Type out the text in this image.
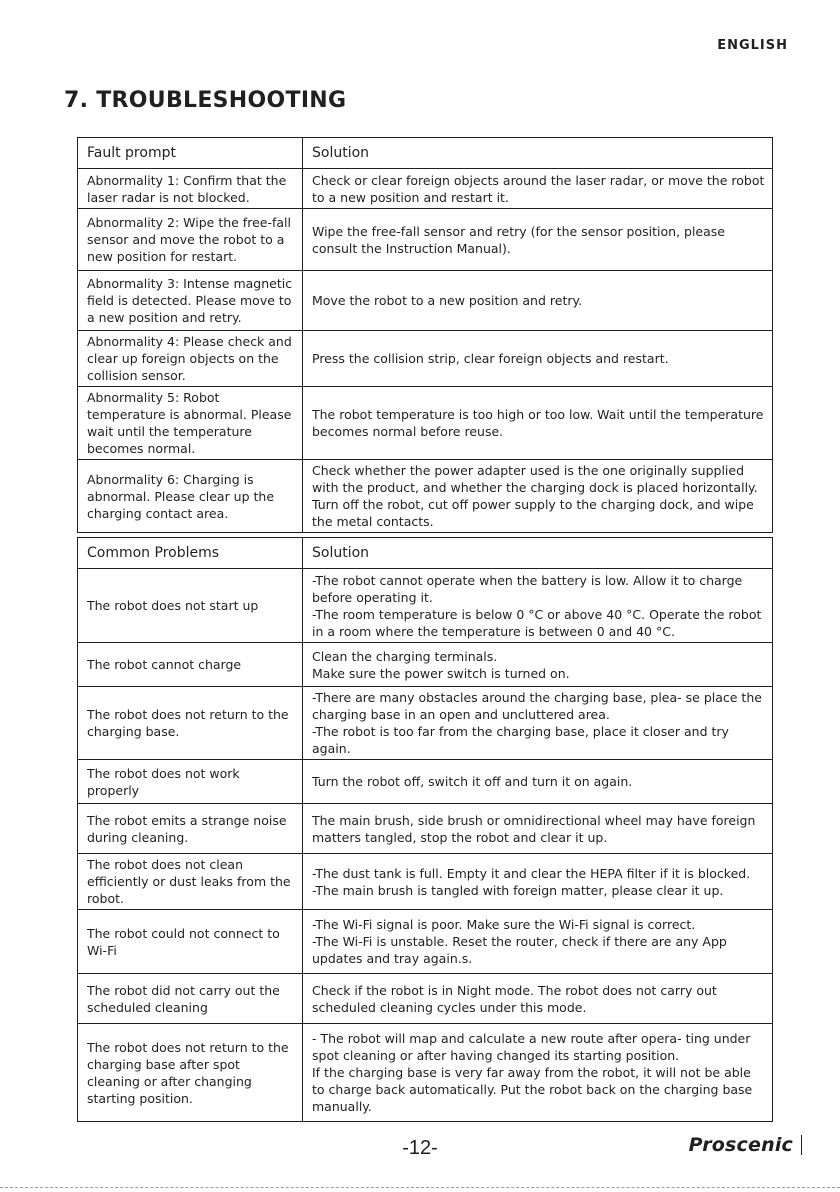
ENGLISH
7. TROUBLESHOOTING
Fault prompt	Solution
Abnormality 1: Confirm that the laser radar is not blocked.	Check or clear foreign objects around the laser radar, or move the robot to a new position and restart it.

Abnormality 2: Wipe the free-fall sensor and move the robot to a new position for restart.	Wipe the free-fall sensor and retry (for the sensor position, please consult the Instruction Manual).

Abnormality 3: Intense magnetic field is detected. Please move to a new position and retry.	Move the robot to a new position and retry.

Abnormality 4: Please check and clear up foreign objects on the collision sensor.	Press the collision strip, clear foreign objects and restart.

Abnormality 5: Robot temperature is abnormal. Please wait until the temperature becomes normal.	The robot temperature is too high or too low. Wait until the temperature becomes normal before reuse.

Abnormality 6: Charging is abnormal. Please clear up the charging contact area.	Check whether the power adapter used is the one originally supplied with the product, and whether the charging dock is placed horizontally. Turn off the robot, cut off power supply to the charging dock, and wipe the metal contacts.
Common Problems	Solution
The robot does not start up	-The robot cannot operate when the battery is low. Allow it to charge before operating it.
-The room temperature is below 0 °C or above 40 °C. Operate the robot in a room where the temperature is between 0 and 40 °C.

The robot cannot charge	Clean the charging terminals.
Make sure the power switch is turned on.

The robot does not return to the charging base.	-There are many obstacles around the charging base, plea- se place the charging base in an open and uncluttered area.
-The robot is too far from the charging base, place it closer and try again.

The robot does not work properly	Turn the robot off, switch it off and turn it on again.

The robot emits a strange noise during cleaning.	The main brush, side brush or omnidirectional wheel may have foreign matters tangled, stop the robot and clear it up.

The robot does not clean efficiently or dust leaks from the robot.	-The dust tank is full. Empty it and clear the HEPA filter if it is blocked.
-The main brush is tangled with foreign matter, please clear it up.

The robot could not connect to Wi-Fi	-The Wi-Fi signal is poor. Make sure the Wi-Fi signal is correct.
-The Wi-Fi is unstable. Reset the router, check if there are any App updates and tray again.s.

The robot did not carry out the scheduled cleaning	Check if the robot is in Night mode. The robot does not carry out scheduled cleaning cycles under this mode.

The robot does not return to the charging base after spot cleaning or after changing starting position.	- The robot will map and calculate a new route after opera- ting under spot cleaning or after having changed its starting position.
If the charging base is very far away from the robot, it will not be able to charge back automatically. Put the robot back on the charging base manually.
-12-	Proscenic
